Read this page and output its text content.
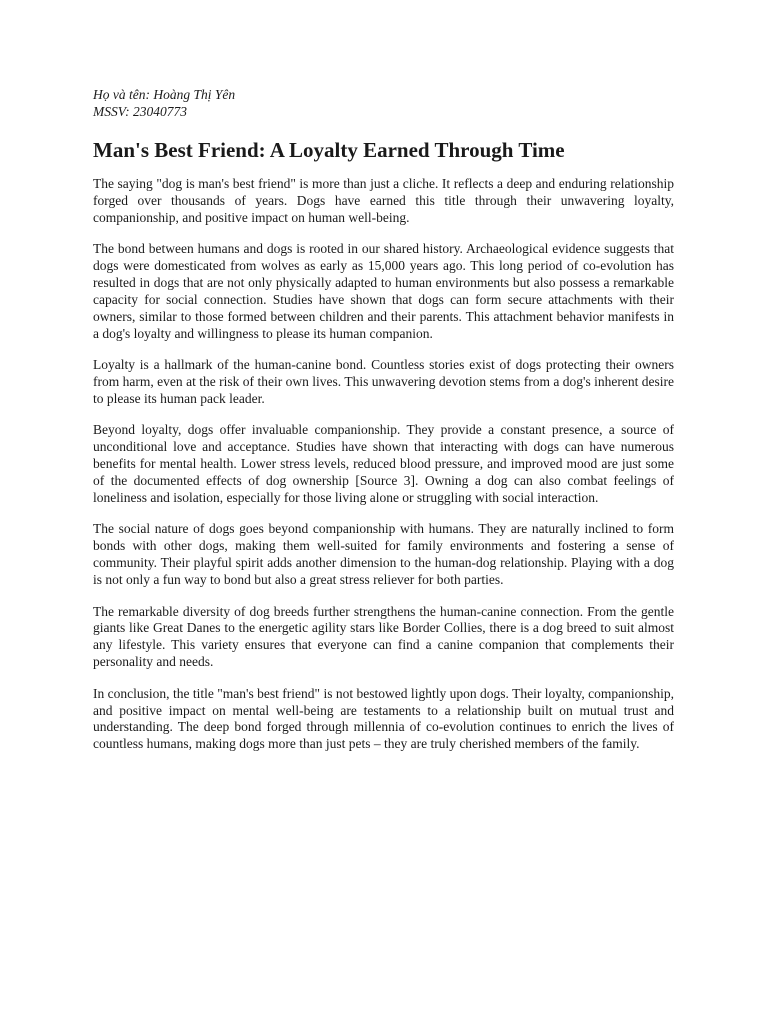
Họ và tên: Hoàng Thị Yên

MSSV: 23040773

Man's Best Friend: A Loyalty Earned Through Time

The saying "dog is man's best friend" is more than just a cliche. It reflects a deep and enduring relationship forged over thousands of years. Dogs have earned this title through their unwavering loyalty, companionship, and positive impact on human well-being.

The bond between humans and dogs is rooted in our shared history. Archaeological evidence suggests that dogs were domesticated from wolves as early as 15,000 years ago. This long period of co-evolution has resulted in dogs that are not only physically adapted to human environments but also possess a remarkable capacity for social connection. Studies have shown that dogs can form secure attachments with their owners, similar to those formed between children and their parents. This attachment behavior manifests in a dog's loyalty and willingness to please its human companion.

Loyalty is a hallmark of the human-canine bond. Countless stories exist of dogs protecting their owners from harm, even at the risk of their own lives. This unwavering devotion stems from a dog's inherent desire to please its human pack leader.

Beyond loyalty, dogs offer invaluable companionship. They provide a constant presence, a source of unconditional love and acceptance. Studies have shown that interacting with dogs can have numerous benefits for mental health. Lower stress levels, reduced blood pressure, and improved mood are just some of the documented effects of dog ownership [Source 3]. Owning a dog can also combat feelings of loneliness and isolation, especially for those living alone or struggling with social interaction.

The social nature of dogs goes beyond companionship with humans. They are naturally inclined to form bonds with other dogs, making them well-suited for family environments and fostering a sense of community. Their playful spirit adds another dimension to the human-dog relationship. Playing with a dog is not only a fun way to bond but also a great stress reliever for both parties.

The remarkable diversity of dog breeds further strengthens the human-canine connection. From the gentle giants like Great Danes to the energetic agility stars like Border Collies, there is a dog breed to suit almost any lifestyle. This variety ensures that everyone can find a canine companion that complements their personality and needs.

In conclusion, the title "man's best friend" is not bestowed lightly upon dogs. Their loyalty, companionship, and positive impact on mental well-being are testaments to a relationship built on mutual trust and understanding. The deep bond forged through millennia of co-evolution continues to enrich the lives of countless humans, making dogs more than just pets – they are truly cherished members of the family.
